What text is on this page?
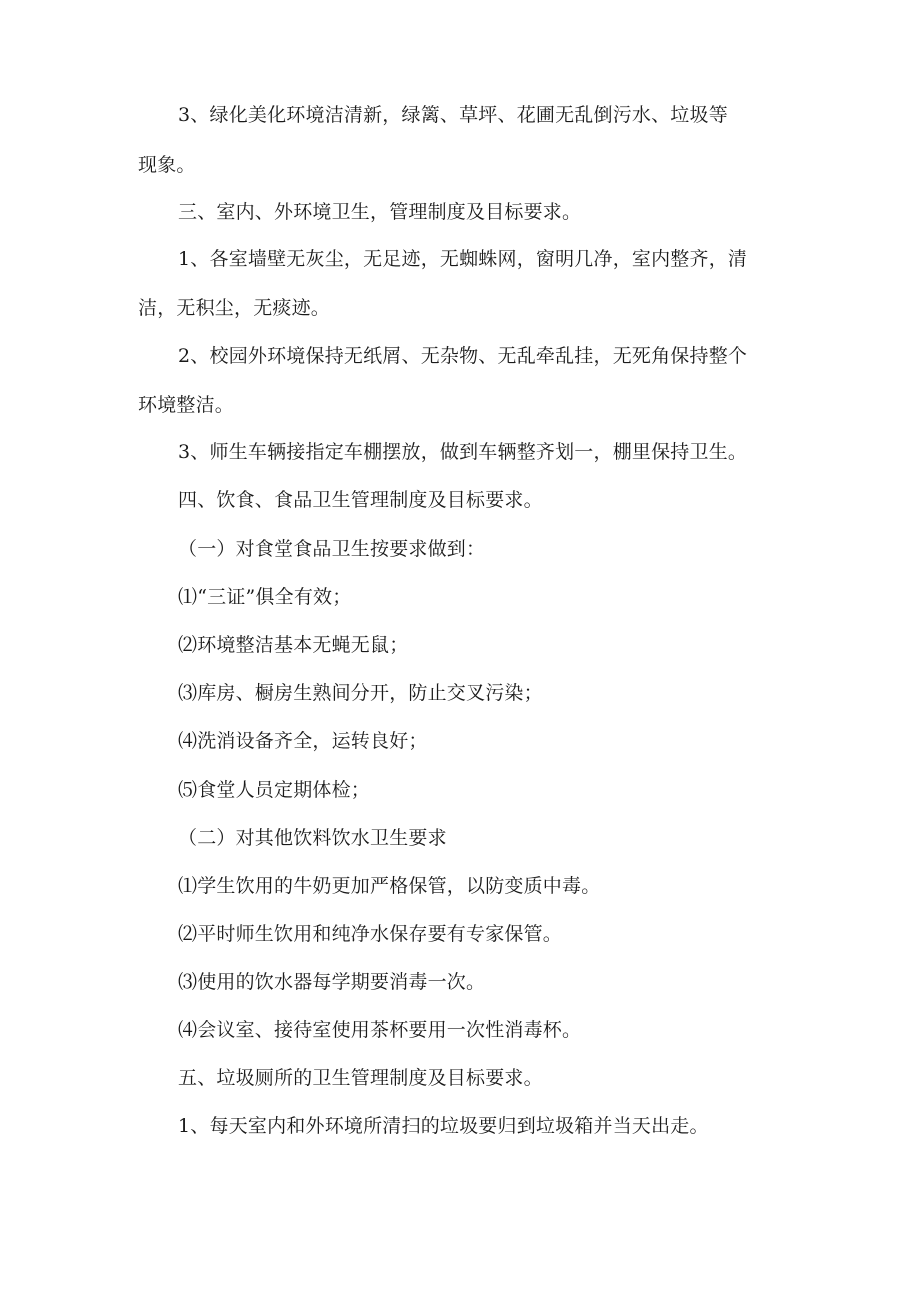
3、绿化美化环境洁清新，绿篱、草坪、花圃无乱倒污水、垃圾等
现象。
三、室内、外环境卫生，管理制度及目标要求。
1、各室墙壁无灰尘，无足迹，无蜘蛛网，窗明几净，室内整齐，清
洁，无积尘，无痰迹。
2、校园外环境保持无纸屑、无杂物、无乱牵乱挂，无死角保持整个
环境整洁。
3、师生车辆接指定车棚摆放，做到车辆整齐划一，棚里保持卫生。
四、饮食、食品卫生管理制度及目标要求。
（一）对食堂食品卫生按要求做到：
⑴“三证”俱全有效；
⑵环境整洁基本无蝇无鼠；
⑶库房、橱房生熟间分开，防止交叉污染；
⑷洗消设备齐全，运转良好；
⑸食堂人员定期体检；
（二）对其他饮料饮水卫生要求
⑴学生饮用的牛奶更加严格保管，以防变质中毒。
⑵平时师生饮用和纯净水保存要有专家保管。
⑶使用的饮水器每学期要消毒一次。
⑷会议室、接待室使用茶杯要用一次性消毒杯。
五、垃圾厕所的卫生管理制度及目标要求。
1、每天室内和外环境所清扫的垃圾要归到垃圾箱并当天出走。
